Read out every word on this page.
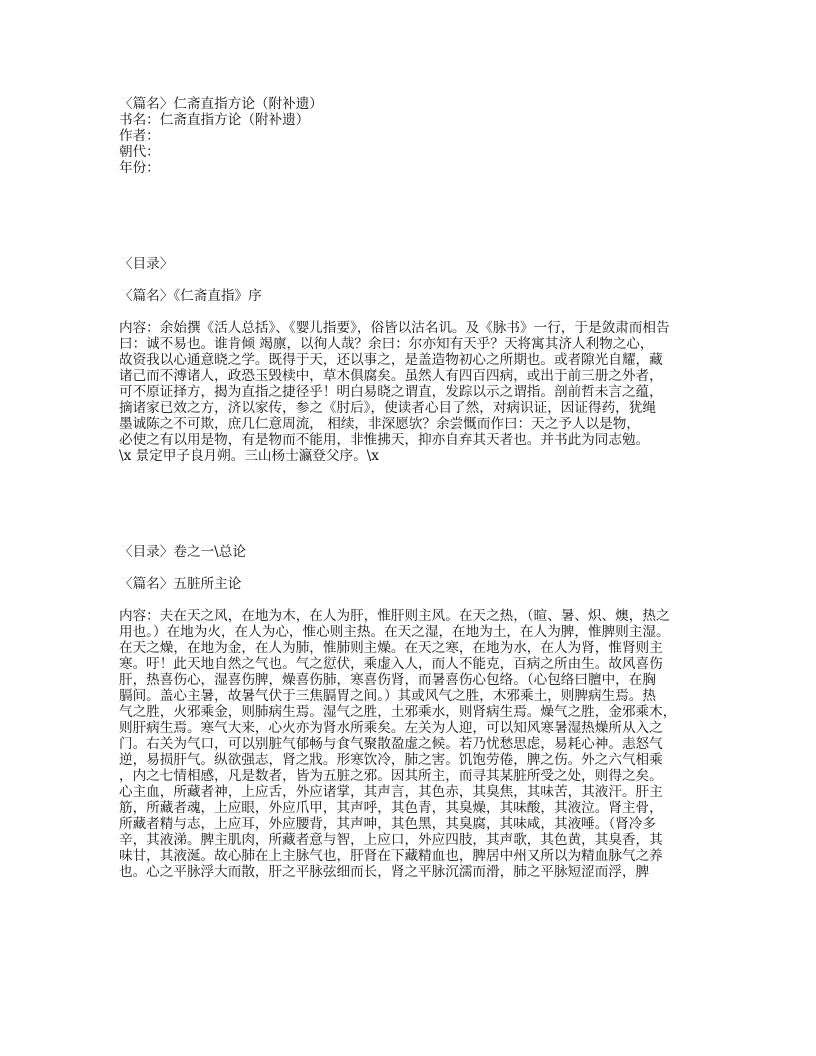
〈篇名〉仁斋直指方论（附补遗）
书名：仁斋直指方论（附补遗）
作者：
朝代：
年份：
〈目录〉
〈篇名〉《仁斋直指》序
内容：余始撰《活人总括》、《婴儿指要》，俗皆以沽名讥。及《脉书》一行，于是敛肃而相告
曰：诚不易也。谁肯倾 竭廪，以徇人哉？余曰：尔亦知有天乎？天将寓其济人利物之心，
故资我以心通意晓之学。既得于天，还以事之，是盖造物初心之所期也。或者隙光自耀，藏
诸己而不溥诸人，政恐玉毁椟中，草木俱腐矣。虽然人有四百四病，或出于前三册之外者，
可不原证择方，揭为直指之捷径乎！明白易晓之谓直，发踪以示之谓指。剖前哲未言之蕴，
摘诸家已效之方，济以家传，参之《肘后》，使读者心目了然，对病识证，因证得药，犹绳
墨诚陈之不可欺，庶几仁意周流， 相续，非深愿欤？余尝慨而作曰：天之予人以是物，
必使之有以用是物，有是物而不能用，非惟拂天，抑亦自弃其天者也。并书此为同志勉。
\x 景定甲子良月朔。三山杨士瀛登父序。\x
〈目录〉卷之一\总论
〈篇名〉五脏所主论
内容：夫在天之风，在地为木，在人为肝，惟肝则主风。在天之热，（暄、暑、炽、燠，热之
用也。）在地为火，在人为心，惟心则主热。在天之湿，在地为土，在人为脾，惟脾则主湿。
在天之燥，在地为金，在人为肺，惟肺则主燥。在天之寒，在地为水，在人为肾，惟肾则主
寒。吁！此天地自然之气也。气之愆伏，乘虚入人，而人不能克，百病之所由生。故风喜伤
肝，热喜伤心，湿喜伤脾，燥喜伤肺，寒喜伤肾，而暑喜伤心包络。（心包络曰膻中，在胸
膈间。盖心主暑，故暑气伏于三焦膈胃之间。）其或风气之胜，木邪乘土，则脾病生焉。热
气之胜，火邪乘金，则肺病生焉。湿气之胜，土邪乘水，则肾病生焉。燥气之胜，金邪乘木，
则肝病生焉。寒气大来，心火亦为肾水所乘矣。左关为人迎，可以知风寒暑湿热燥所从入之
门。右关为气口，可以别脏气郁畅与食气聚散盈虚之候。若乃忧愁思虑，易耗心神。恚怒气
逆，易损肝气。纵欲强志，肾之戕。形寒饮冷，肺之害。饥饱劳倦，脾之伤。外之六气相乘
，内之七情相感，凡是数者，皆为五脏之邪。因其所主，而寻其某脏所受之处，则得之矣。
心主血，所藏者神，上应舌，外应诸掌，其声言，其色赤，其臭焦，其味苦，其液汗。肝主
筋，所藏者魂，上应眼，外应爪甲，其声呼，其色青，其臭燥，其味酸，其液泣。肾主骨，
所藏者精与志，上应耳，外应腰背，其声呻，其色黑，其臭腐，其味咸，其液唾。（肾冷多
辛，其液涕。脾主肌肉，所藏者意与智，上应口，外应四肢，其声歌，其色黄，其臭香，其
味甘，其液涎。故心肺在上主脉气也，肝肾在下藏精血也，脾居中州又所以为精血脉气之养
也。心之平脉浮大而散，肝之平脉弦细而长，肾之平脉沉濡而滑，肺之平脉短涩而浮，脾
